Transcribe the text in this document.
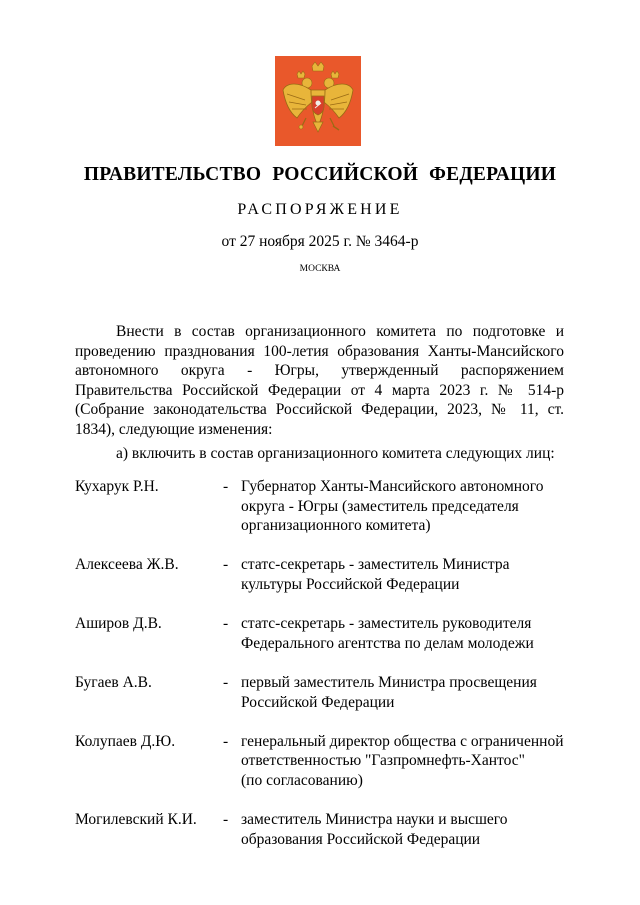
ПРАВИТЕЛЬСТВО РОССИЙСКОЙ ФЕДЕРАЦИИ
РАСПОРЯЖЕНИЕ
от 27 ноября 2025 г. № 3464-р
МОСКВА
Внести в состав организационного комитета по подготовке и проведению празднования 100-летия образования Ханты-Мансийского автономного округа - Югры, утвержденный распоряжением Правительства Российской Федерации от 4 марта 2023 г. № 514-р (Собрание законодательства Российской Федерации, 2023, № 11, ст. 1834), следующие изменения:
а) включить в состав организационного комитета следующих лиц:
Кухарук Р.Н.	- Губернатор Ханты-Мансийского автономного
округа - Югры (заместитель председателя
организационного комитета)
Алексеева Ж.В.	- статс-секретарь - заместитель Министра
культуры Российской Федерации
Аширов Д.В.	- статс-секретарь - заместитель руководителя
Федерального агентства по делам молодежи
Бугаев А.В.	- первый заместитель Министра просвещения
Российской Федерации
Колупаев Д.Ю.	- генеральный директор общества с ограниченной
ответственностью "Газпромнефть-Хантос"
(по согласованию)
Могилевский К.И.	- заместитель Министра науки и высшего
образования Российской Федерации
